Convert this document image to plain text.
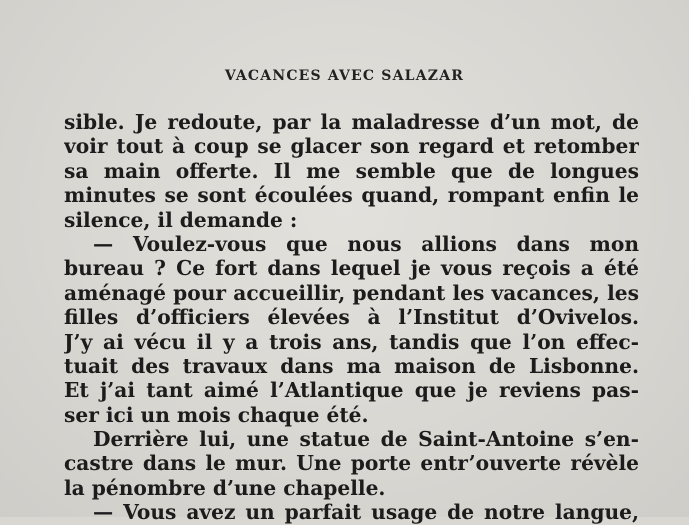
VACANCES AVEC SALAZAR
sible. Je redoute, par la maladresse d’un mot, de
voir tout à coup se glacer son regard et retomber
sa main offerte. Il me semble que de longues
minutes se sont écoulées quand, rompant enfin le
silence, il demande :
— Voulez-vous que nous allions dans mon
bureau ? Ce fort dans lequel je vous reçois a été
aménagé pour accueillir, pendant les vacances, les
filles d’officiers élevées à l’Institut d’Ovivelos.
J’y ai vécu il y a trois ans, tandis que l’on effec-
tuait des travaux dans ma maison de Lisbonne.
Et j’ai tant aimé l’Atlantique que je reviens pas-
ser ici un mois chaque été.
Derrière lui, une statue de Saint-Antoine s’en-
castre dans le mur. Une porte entr’ouverte révèle
la pénombre d’une chapelle.
— Vous avez un parfait usage de notre langue,
